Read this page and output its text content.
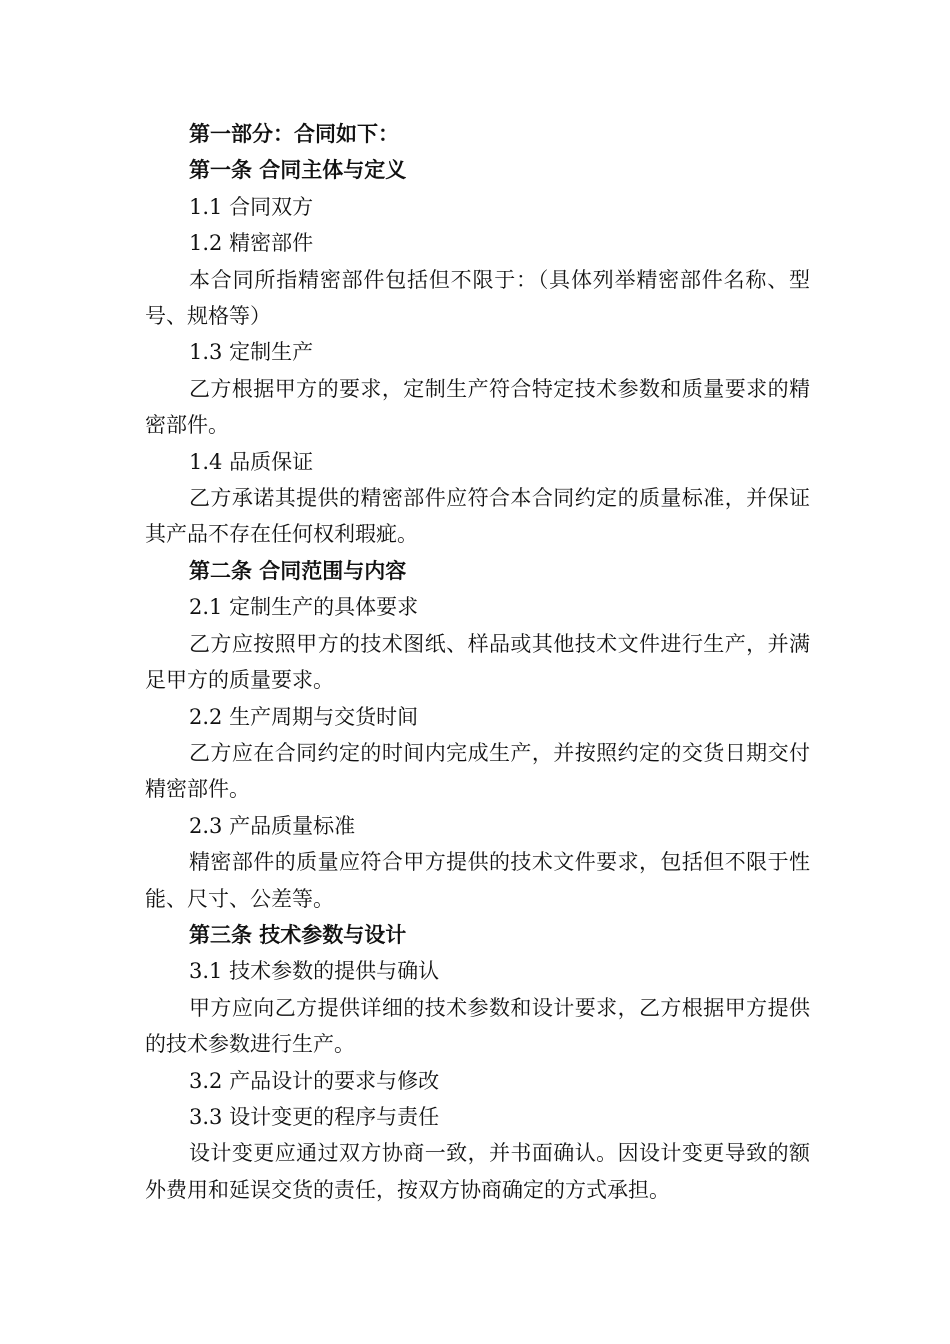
第一部分：合同如下：

第一条 合同主体与定义

1.1 合同双方

1.2 精密部件

本合同所指精密部件包括但不限于：（具体列举精密部件名称、型号、规格等）

1.3 定制生产

乙方根据甲方的要求，定制生产符合特定技术参数和质量要求的精密部件。

1.4 品质保证

乙方承诺其提供的精密部件应符合本合同约定的质量标准，并保证其产品不存在任何权利瑕疵。

第二条 合同范围与内容

2.1 定制生产的具体要求

乙方应按照甲方的技术图纸、样品或其他技术文件进行生产，并满足甲方的质量要求。

2.2 生产周期与交货时间

乙方应在合同约定的时间内完成生产，并按照约定的交货日期交付精密部件。

2.3 产品质量标准

精密部件的质量应符合甲方提供的技术文件要求，包括但不限于性能、尺寸、公差等。

第三条 技术参数与设计

3.1 技术参数的提供与确认

甲方应向乙方提供详细的技术参数和设计要求，乙方根据甲方提供的技术参数进行生产。

3.2 产品设计的要求与修改

3.3 设计变更的程序与责任

设计变更应通过双方协商一致，并书面确认。因设计变更导致的额外费用和延误交货的责任，按双方协商确定的方式承担。
